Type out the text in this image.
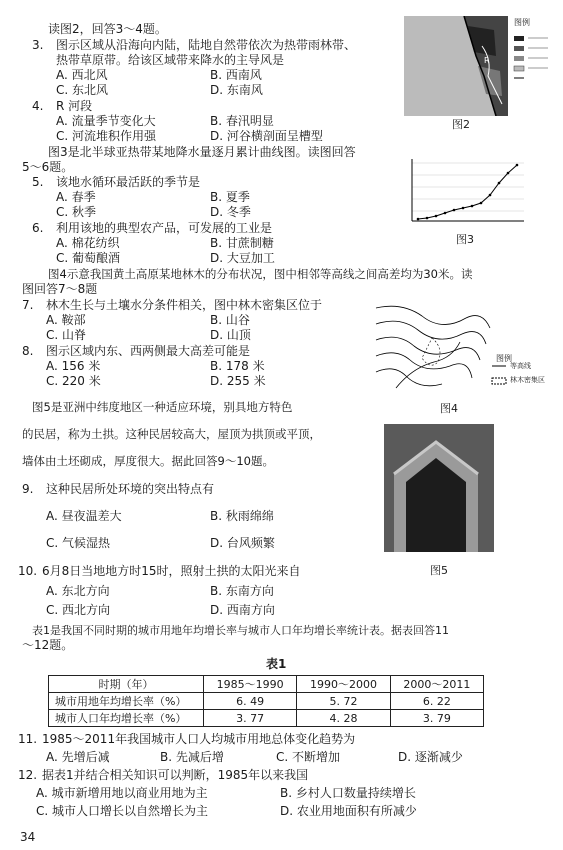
读图2，回答3～4题。
3. 图示区域从沿海向内陆，陆地自然带依次为热带雨林带、
热带草原带。给该区域带来降水的主导风是
A. 西北风	B. 西南风
C. 东北风	D. 东南风
4. R 河段
A. 流量季节变化大	B. 春汛明显
C. 河流堆积作用强	D. 河谷横剖面呈槽型
图例
R
图2
图3是北半球亚热带某地降水量逐月累计曲线图。读图回答
5～6题。
图3
5. 该地水循环最活跃的季节是
A. 春季	B. 夏季
C. 秋季	D. 冬季
6. 利用该地的典型农产品，可发展的工业是
A. 棉花纺织	B. 甘蔗制糖
C. 葡萄酿酒	D. 大豆加工
图4示意我国黄土高原某地林木的分布状况，图中相邻等高线之间高差均为30米。读
图回答7～8题
7. 林木生长与土壤水分条件相关，图中林木密集区位于
A. 鞍部	B. 山谷
C. 山脊	D. 山顶
8. 图示区域内东、西两侧最大高差可能是
A. 156 米	B. 178 米
C. 220 米	D. 255 米
图例
等高线
林木密集区
图4
图5是亚洲中纬度地区一种适应环境，别具地方特色
的民居，称为土拱。这种民居较高大，屋顶为拱顶或平顶，
墙体由土坯砌成，厚度很大。据此回答9～10题。
图5
9. 这种民居所处环境的突出特点有
A. 昼夜温差大	B. 秋雨绵绵
C. 气候湿热	D. 台风频繁
10. 6月8日当地地方时15时，照射土拱的太阳光来自
A. 东北方向	B. 东南方向
C. 西北方向	D. 西南方向
表1是我国不同时期的城市用地年均增长率与城市人口年均增长率统计表。据表回答11
～12题。
表1
时期（年）	1985～1990	1990～2000	2000～2011
城市用地年均增长率（%）	6. 49	5. 72	6. 22
城市人口年均增长率（%）	3. 77	4. 28	3. 79
11. 1985～2011年我国城市人口人均城市用地总体变化趋势为
A. 先增后减	B. 先减后增	C. 不断增加	D. 逐渐减少
12. 据表1并结合相关知识可以判断，1985年以来我国
A. 城市新增用地以商业用地为主	B. 乡村人口数量持续增长
C. 城市人口增长以自然增长为主	D. 农业用地面积有所减少
34
